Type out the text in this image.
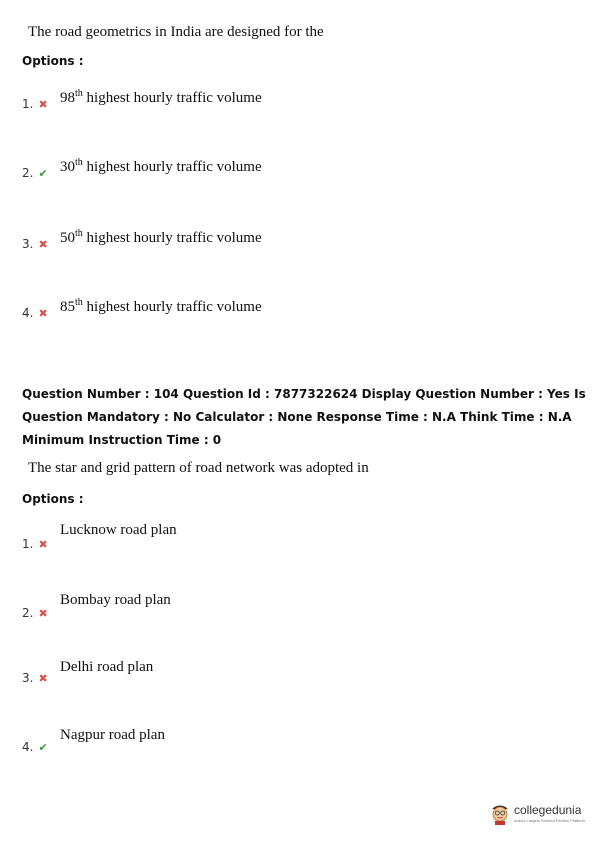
The road geometrics in India are designed for the
Options :
1. ✖ 98th highest hourly traffic volume
2. ✔ 30th highest hourly traffic volume
3. ✖ 50th highest hourly traffic volume
4. ✖ 85th highest hourly traffic volume
Question Number : 104 Question Id : 7877322624 Display Question Number : Yes Is Question Mandatory : No Calculator : None Response Time : N.A Think Time : N.A Minimum Instruction Time : 0
The star and grid pattern of road network was adopted in
Options :
1. ✖
Lucknow road plan
2. ✖
Bombay road plan
3. ✖
Delhi road plan
4. ✔
Nagpur road plan
collegedunia
India's Largest Student Review Platform
